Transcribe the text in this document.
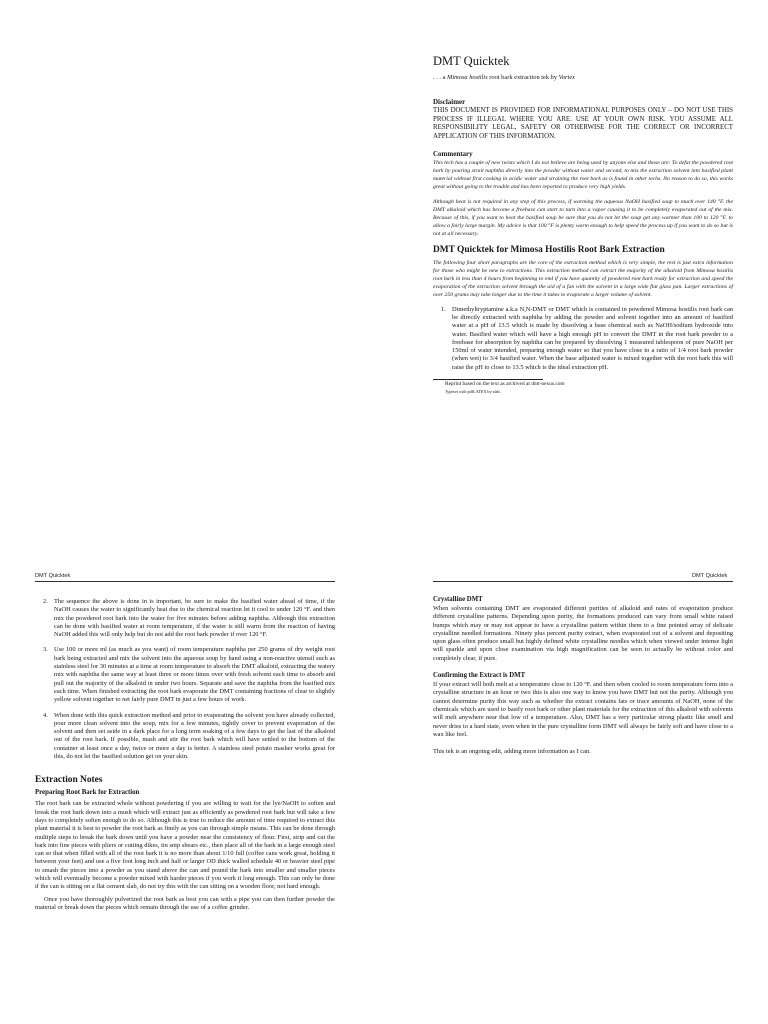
DMT Quicktek
. . . a Mimosa hostilis root bark extraction tek by Vortex
Disclaimer
THIS DOCUMENT IS PROVIDED FOR INFORMATIONAL PURPOSES ONLY – DO NOT USE THIS PROCESS IF ILLEGAL WHERE YOU ARE. USE AT YOUR OWN RISK. YOU ASSUME ALL RESPONSIBILITY LEGAL, SAFETY OR OTHERWISE FOR THE CORRECT OR INCORRECT APPLICATION OF THIS INFORMATION.
Commentary

This tech has a couple of new twists which I do not believe are being used by anyone else and those are: To defat the powdered root bark by pouring strait naphtha directly into the powder without water and second, to mix the extraction solvent into basified plant material without first cooking in acidic water and straining the root bark as is found in other techs. No reason to do so, this works great without going to the trouble and has been reported to produce very high yields.

Although heat is not required in any step of this process, if warming the aqueous NaOH basified soup to much over 140 °F. the DMT alkaloid which has become a freebase can start to turn into a vapor causing it to be completely evaporated out of the mix. Because of this, if you want to heat the basified soup be sure that you do not let the soup get any warmer than 100 to 120 °F. to allow a fairly large margin. My advice is that 100 °F is plenty warm enough to help speed the process up if you want to do so but is not at all necessary.

DMT Quicktek for Mimosa Hostilis Root Bark Extraction

The following four short paragraphs are the core of the extraction method which is very simple, the rest is just extra information for those who might be new to extractions. This extraction method can extract the majority of the alkaloid from Mimosa hostilis root bark in less than 4 hours from beginning to end if you have quantity of powdered root bark ready for extraction and speed the evaporation of the extraction solvent through the aid of a fan with the solvent in a large wide flat glass pan. Larger extractions of over 250 grams may take longer due to the time it takes to evaporate a larger volume of solvent.

1. Dimethyltryptamine a.k.a N,N-DMT or DMT which is contained in powdered Mimosa hostilis root bark can be directly extracted with naphtha by adding the powder and solvent together into an amount of basified water at a pH of 13.5 which is made by dissolving a base chemical such as NaOH/sodium hydroxide into water. Basified water which will have a high enough pH to convert the DMT in the root bark powder to a freebase for absorption by naphtha can be prepared by dissolving 1 measured tablespoon of pure NaOH per 150ml of water intended, preparing enough water so that you have close to a ratio of 1/4 root bark powder (when wet) to 3/4 basified water. When the base adjusted water is mixed together with the root bark this will raise the pH to close to 13.5 which is the ideal extraction pH.
Reprint based on the text as archived at dmt-nexus.com
Typeset with pdfLATEX by zlab.
DMT Quicktek	DMT Quicktek
2. The sequence the above is done in is important, be sure to make the basified water ahead of time, if the NaOH causes the water to significantly heat due to the chemical reaction let it cool to under 120 °F. and then mix the powdered root bark into the water for five minutes before adding naphtha. Although this extraction can be done with basified water at room temperature, if the water is still warm from the reaction of having NaOH added this will only help but do not add the root bark powder if over 120 °F.
3. Use 100 or more ml (as much as you want) of room temperature naphtha per 250 grams of dry weight root bark being extracted and mix the solvent into the aqueous soup by hand using a non-reactive utensil such as stainless steel for 30 minutes at a time at room temperature to absorb the DMT alkaloid, extracting the watery mix with naphtha the same way at least three or more times over with fresh solvent each time to absorb and pull out the majority of the alkaloid in under two hours. Separate and save the naphtha from the basified mix each time. When finished extracting the root bark evaporate the DMT containing fractions of clear to slightly yellow solvent together to net fairly pure DMT in just a few hours of work.
4. When done with this quick extraction method and prior to evaporating the solvent you have already collected, pour more clean solvent into the soup, mix for a few minutes, tightly cover to prevent evaporation of the solvent and then set aside in a dark place for a long term soaking of a few days to get the last of the alkaloid out of the root bark. If possible, mash and stir the root bark which will have settled to the bottom of the container at least once a day, twice or more a day is better. A stainless steel potato masher works great for this, do not let the basified solution get on your skin.
Extraction Notes
Preparing Root Bark for Extraction

The root bark can be extracted whole without powdering if you are willing to wait for the lye/NaOH to soften and break the root bark down into a mush which will extract just as efficiently as powdered root bark but will take a few days to completely soften enough to do so. Although this is true to reduce the amount of time required to extract this plant material it is best to powder the root bark as finely as you can through simple means. This can be done through multiple steps to break the bark down until you have a powder near the consistency of flour. First, strip and cut the bark into fine pieces with pliers or cutting dikes, tin snip shears etc., then place all of the bark in a large enough steel can so that when filled with all of the root bark it is no more than about 1/10 full (coffee cans work great, holding it between your feet) and use a five foot long inch and half or larger OD thick walled schedule 40 or heavier steel pipe to smash the pieces into a powder as you stand above the can and pound the bark into smaller and smaller pieces which will eventually become a powder mixed with harder pieces if you work it long enough. This can only be done if the can is sitting on a flat cement slab, do not try this with the can sitting on a wooden floor, not hard enough.

Once you have thoroughly pulverized the root bark as best you can with a pipe you can then further powder the material or break down the pieces which remain through the use of a coffee grinder.

Crystalline DMT

When solvents containing DMT are evaporated different purities of alkaloid and rates of evaporation produce different crystalline patterns. Depending upon purity, the formations produced can vary from small white raised bumps which may or may not appear to have a crystalline pattern within them to a fine pointed array of delicate crystalline needled formations. Ninety plus percent purity extract, when evaporated out of a solvent and depositing upon glass often produce small but highly defined white crystalline needles which when viewed under intense light will sparkle and upon close examination via high magnification can be seen to actually be without color and completely clear, if pure.

Confirming the Extract is DMT

If your extract will both melt at a temperature close to 120 °F. and then when cooled to room temperature form into a crystalline structure in an hour or two this is also one way to know you have DMT but not the purity. Although you cannot determine purity this way such as whether the extract contains fats or trace amounts of NaOH, none of the chemicals which are used to basify root bark or other plant materials for the extraction of this alkaloid with solvents will melt anywhere near that low of a temperature. Also, DMT has a very particular strong plastic like smell and never dries to a hard state, even when in the pure crystalline form DMT will always be fairly soft and have close to a wax like feel.

This tek is an ongoing edit, adding more information as I can.
